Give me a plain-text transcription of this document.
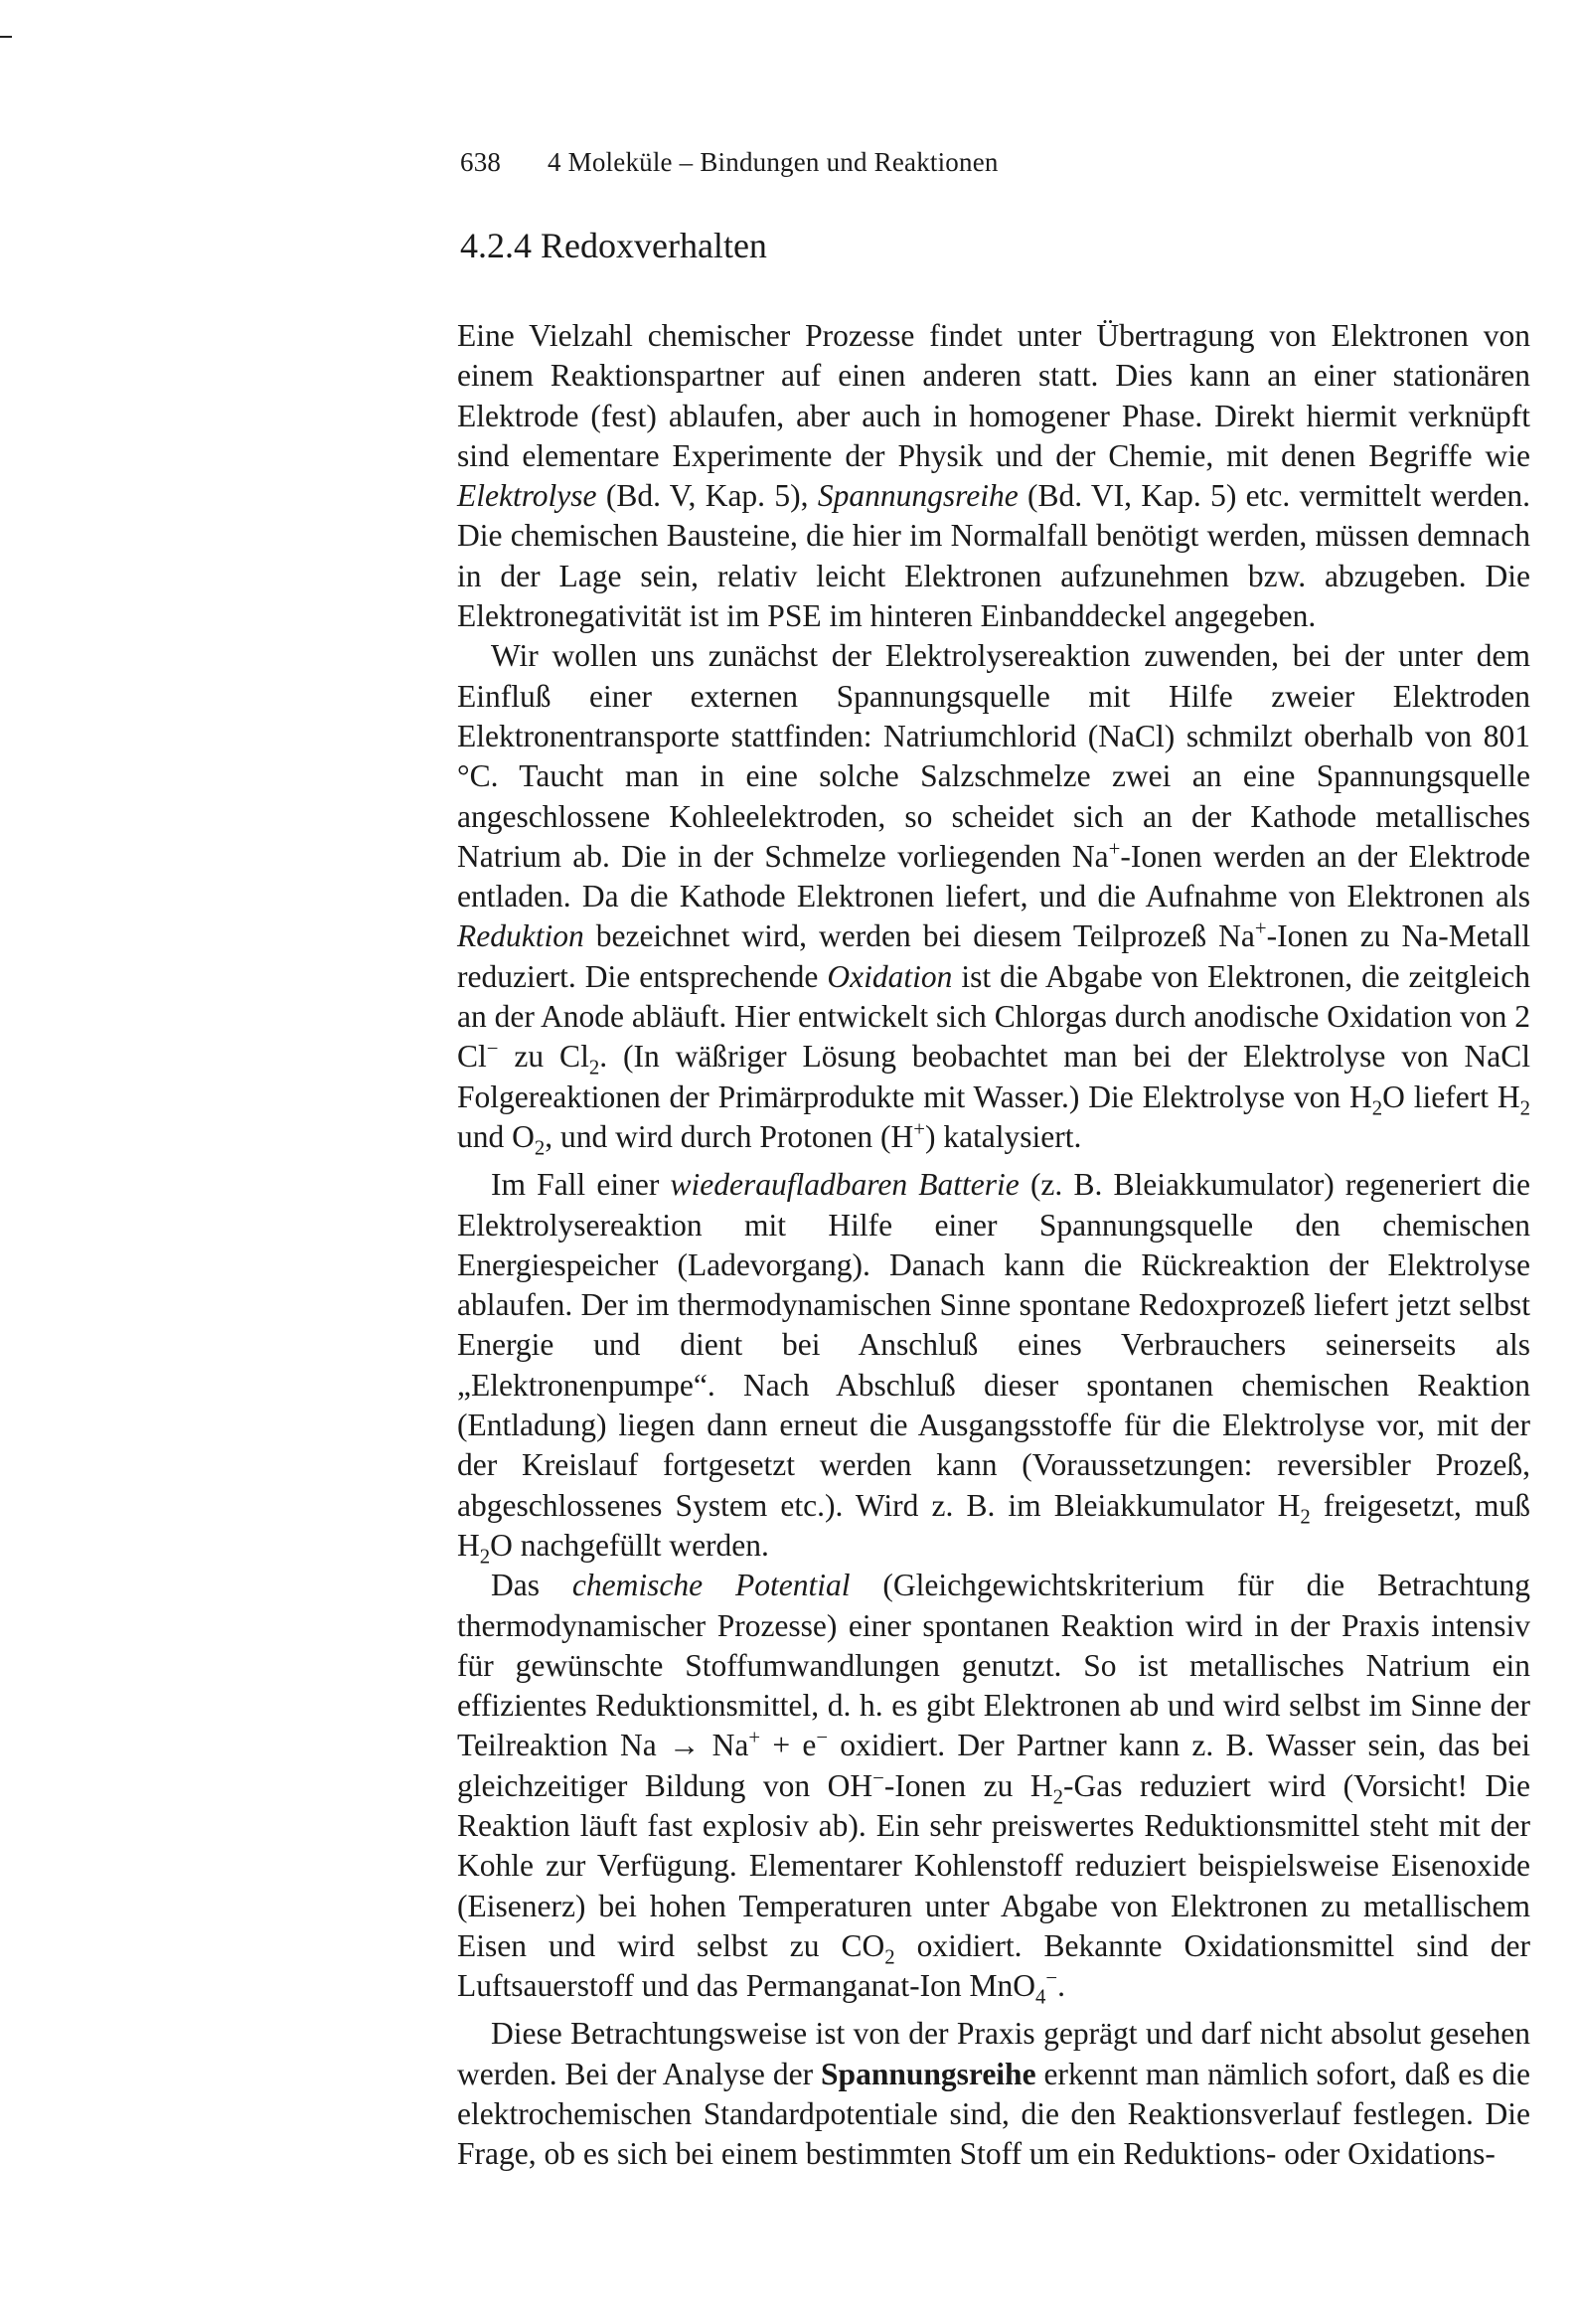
638 4 Moleküle – Bindungen und Reaktionen
4.2.4 Redoxverhalten

Eine Vielzahl chemischer Prozesse findet unter Übertragung von Elektronen von einem Reaktionspartner auf einen anderen statt. Dies kann an einer stationären Elektrode (fest) ablaufen, aber auch in homogener Phase. Direkt hiermit verknüpft sind elementare Experimente der Physik und der Chemie, mit denen Begriffe wie Elektrolyse (Bd. V, Kap. 5), Spannungsreihe (Bd. VI, Kap. 5) etc. vermittelt werden. Die chemischen Bausteine, die hier im Normalfall benötigt werden, müssen demnach in der Lage sein, relativ leicht Elektronen aufzunehmen bzw. abzugeben. Die Elektronegativität ist im PSE im hinteren Einbanddeckel angegeben.

Wir wollen uns zunächst der Elektrolysereaktion zuwenden, bei der unter dem Einfluß einer externen Spannungsquelle mit Hilfe zweier Elektroden Elektronentransporte stattfinden: Natriumchlorid (NaCl) schmilzt oberhalb von 801 °C. Taucht man in eine solche Salzschmelze zwei an eine Spannungsquelle angeschlossene Kohleelektroden, so scheidet sich an der Kathode metallisches Natrium ab. Die in der Schmelze vorliegenden Na+-Ionen werden an der Elektrode entladen. Da die Kathode Elektronen liefert, und die Aufnahme von Elektronen als Reduktion bezeichnet wird, werden bei diesem Teilprozeß Na+-Ionen zu Na-Metall reduziert. Die entsprechende Oxidation ist die Abgabe von Elektronen, die zeitgleich an der Anode abläuft. Hier entwickelt sich Chlorgas durch anodische Oxidation von 2 Cl− zu $Cl_2$. (In wäßriger Lösung beobachtet man bei der Elektrolyse von NaCl Folgereaktionen der Primärprodukte mit Wasser.) Die Elektrolyse von $H_2O$ liefert $H_2$ und $O_2$, und wird durch Protonen (H+) katalysiert.

Im Fall einer wiederaufladbaren Batterie (z. B. Bleiakkumulator) regeneriert die Elektrolysereaktion mit Hilfe einer Spannungsquelle den chemischen Energiespeicher (Ladevorgang). Danach kann die Rückreaktion der Elektrolyse ablaufen. Der im thermodynamischen Sinne spontane Redoxprozeß liefert jetzt selbst Energie und dient bei Anschluß eines Verbrauchers seinerseits als „Elektronenpumpe“. Nach Abschluß dieser spontanen chemischen Reaktion (Entladung) liegen dann erneut die Ausgangsstoffe für die Elektrolyse vor, mit der der Kreislauf fortgesetzt werden kann (Voraussetzungen: reversibler Prozeß, abgeschlossenes System etc.). Wird z. B. im Bleiakkumulator $H_2$ freigesetzt, muß $H_2O$ nachgefüllt werden.

Das chemische Potential (Gleichgewichtskriterium für die Betrachtung thermodynamischer Prozesse) einer spontanen Reaktion wird in der Praxis intensiv für gewünschte Stoffumwandlungen genutzt. So ist metallisches Natrium ein effizientes Reduktionsmittel, d. h. es gibt Elektronen ab und wird selbst im Sinne der Teilreaktion Na → Na+ + e− oxidiert. Der Partner kann z. B. Wasser sein, das bei gleichzeitiger Bildung von OH−-Ionen zu $H_2$-Gas reduziert wird (Vorsicht! Die Reaktion läuft fast explosiv ab). Ein sehr preiswertes Reduktionsmittel steht mit der Kohle zur Verfügung. Elementarer Kohlenstoff reduziert beispielsweise Eisenoxide (Eisenerz) bei hohen Temperaturen unter Abgabe von Elektronen zu metallischem Eisen und wird selbst zu $CO_2$ oxidiert. Bekannte Oxidationsmittel sind der Luftsauerstoff und das Permanganat-Ion MnO$_4$−.

Diese Betrachtungsweise ist von der Praxis geprägt und darf nicht absolut gesehen werden. Bei der Analyse der Spannungsreihe erkennt man nämlich sofort, daß es die elektrochemischen Standardpotentiale sind, die den Reaktionsverlauf festlegen. Die Frage, ob es sich bei einem bestimmten Stoff um ein Reduktions- oder Oxidations-
